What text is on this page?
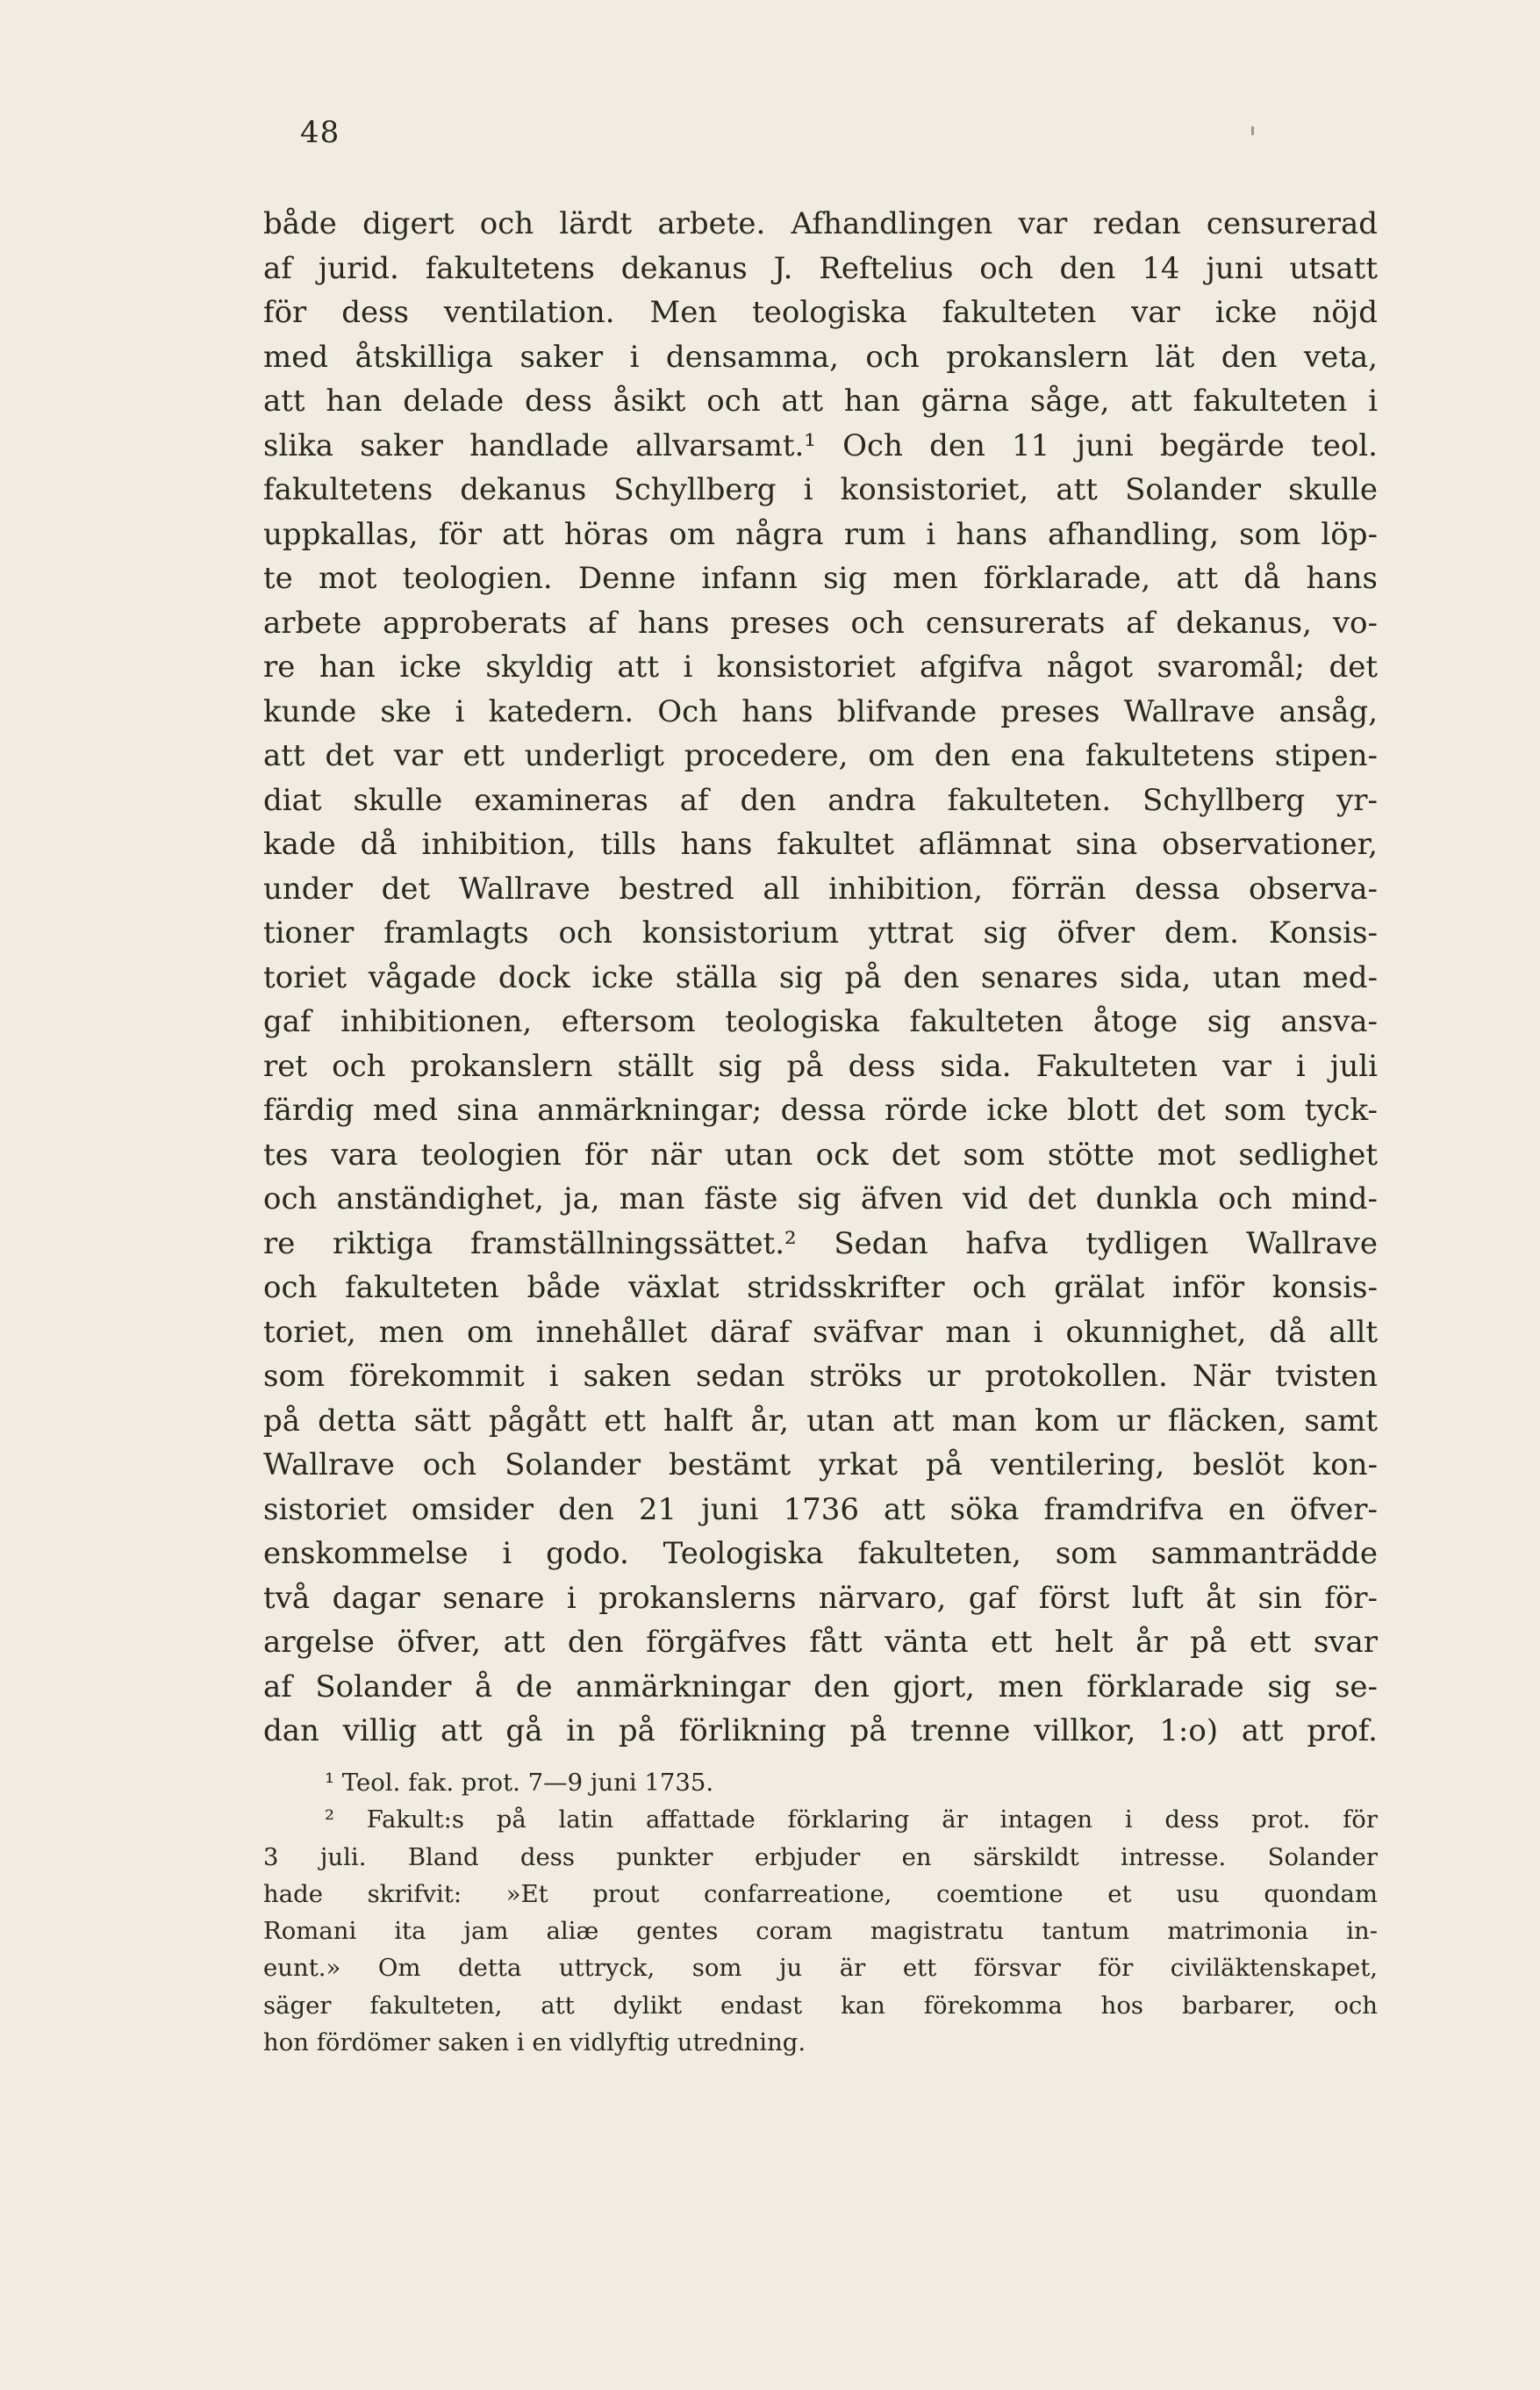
48
både digert och lärdt arbete. Afhandlingen var redan censurerad
af jurid. fakultetens dekanus J. Reftelius och den 14 juni utsatt
för dess ventilation. Men teologiska fakulteten var icke nöjd
med åtskilliga saker i densamma, och prokanslern lät den veta,
att han delade dess åsikt och att han gärna såge, att fakulteten i
slika saker handlade allvarsamt.¹ Och den 11 juni begärde teol.
fakultetens dekanus Schyllberg i konsistoriet, att Solander skulle
uppkallas, för att höras om några rum i hans afhandling, som löp-
te mot teologien. Denne infann sig men förklarade, att då hans
arbete approberats af hans preses och censurerats af dekanus, vo-
re han icke skyldig att i konsistoriet afgifva något svaromål; det
kunde ske i katedern. Och hans blifvande preses Wallrave ansåg,
att det var ett underligt procedere, om den ena fakultetens stipen-
diat skulle examineras af den andra fakulteten. Schyllberg yr-
kade då inhibition, tills hans fakultet aflämnat sina observationer,
under det Wallrave bestred all inhibition, förrän dessa observa-
tioner framlagts och konsistorium yttrat sig öfver dem. Konsis-
toriet vågade dock icke ställa sig på den senares sida, utan med-
gaf inhibitionen, eftersom teologiska fakulteten åtoge sig ansva-
ret och prokanslern ställt sig på dess sida. Fakulteten var i juli
färdig med sina anmärkningar; dessa rörde icke blott det som tyck-
tes vara teologien för när utan ock det som stötte mot sedlighet
och anständighet, ja, man fäste sig äfven vid det dunkla och mind-
re riktiga framställningssättet.² Sedan hafva tydligen Wallrave
och fakulteten både växlat stridsskrifter och grälat inför konsis-
toriet, men om innehållet däraf sväfvar man i okunnighet, då allt
som förekommit i saken sedan ströks ur protokollen. När tvisten
på detta sätt pågått ett halft år, utan att man kom ur fläcken, samt
Wallrave och Solander bestämt yrkat på ventilering, beslöt kon-
sistoriet omsider den 21 juni 1736 att söka framdrifva en öfver-
enskommelse i godo. Teologiska fakulteten, som sammanträdde
två dagar senare i prokanslerns närvaro, gaf först luft åt sin för-
argelse öfver, att den förgäfves fått vänta ett helt år på ett svar
af Solander å de anmärkningar den gjort, men förklarade sig se-
dan villig att gå in på förlikning på trenne villkor, 1:o) att prof.
¹ Teol. fak. prot. 7—9 juni 1735.
² Fakult:s på latin affattade förklaring är intagen i dess prot. för
3 juli. Bland dess punkter erbjuder en särskildt intresse. Solander
hade skrifvit: »Et prout confarreatione, coemtione et usu quondam
Romani ita jam aliæ gentes coram magistratu tantum matrimonia in-
eunt.» Om detta uttryck, som ju är ett försvar för civiläktenskapet,
säger fakulteten, att dylikt endast kan förekomma hos barbarer, och
hon fördömer saken i en vidlyftig utredning.
